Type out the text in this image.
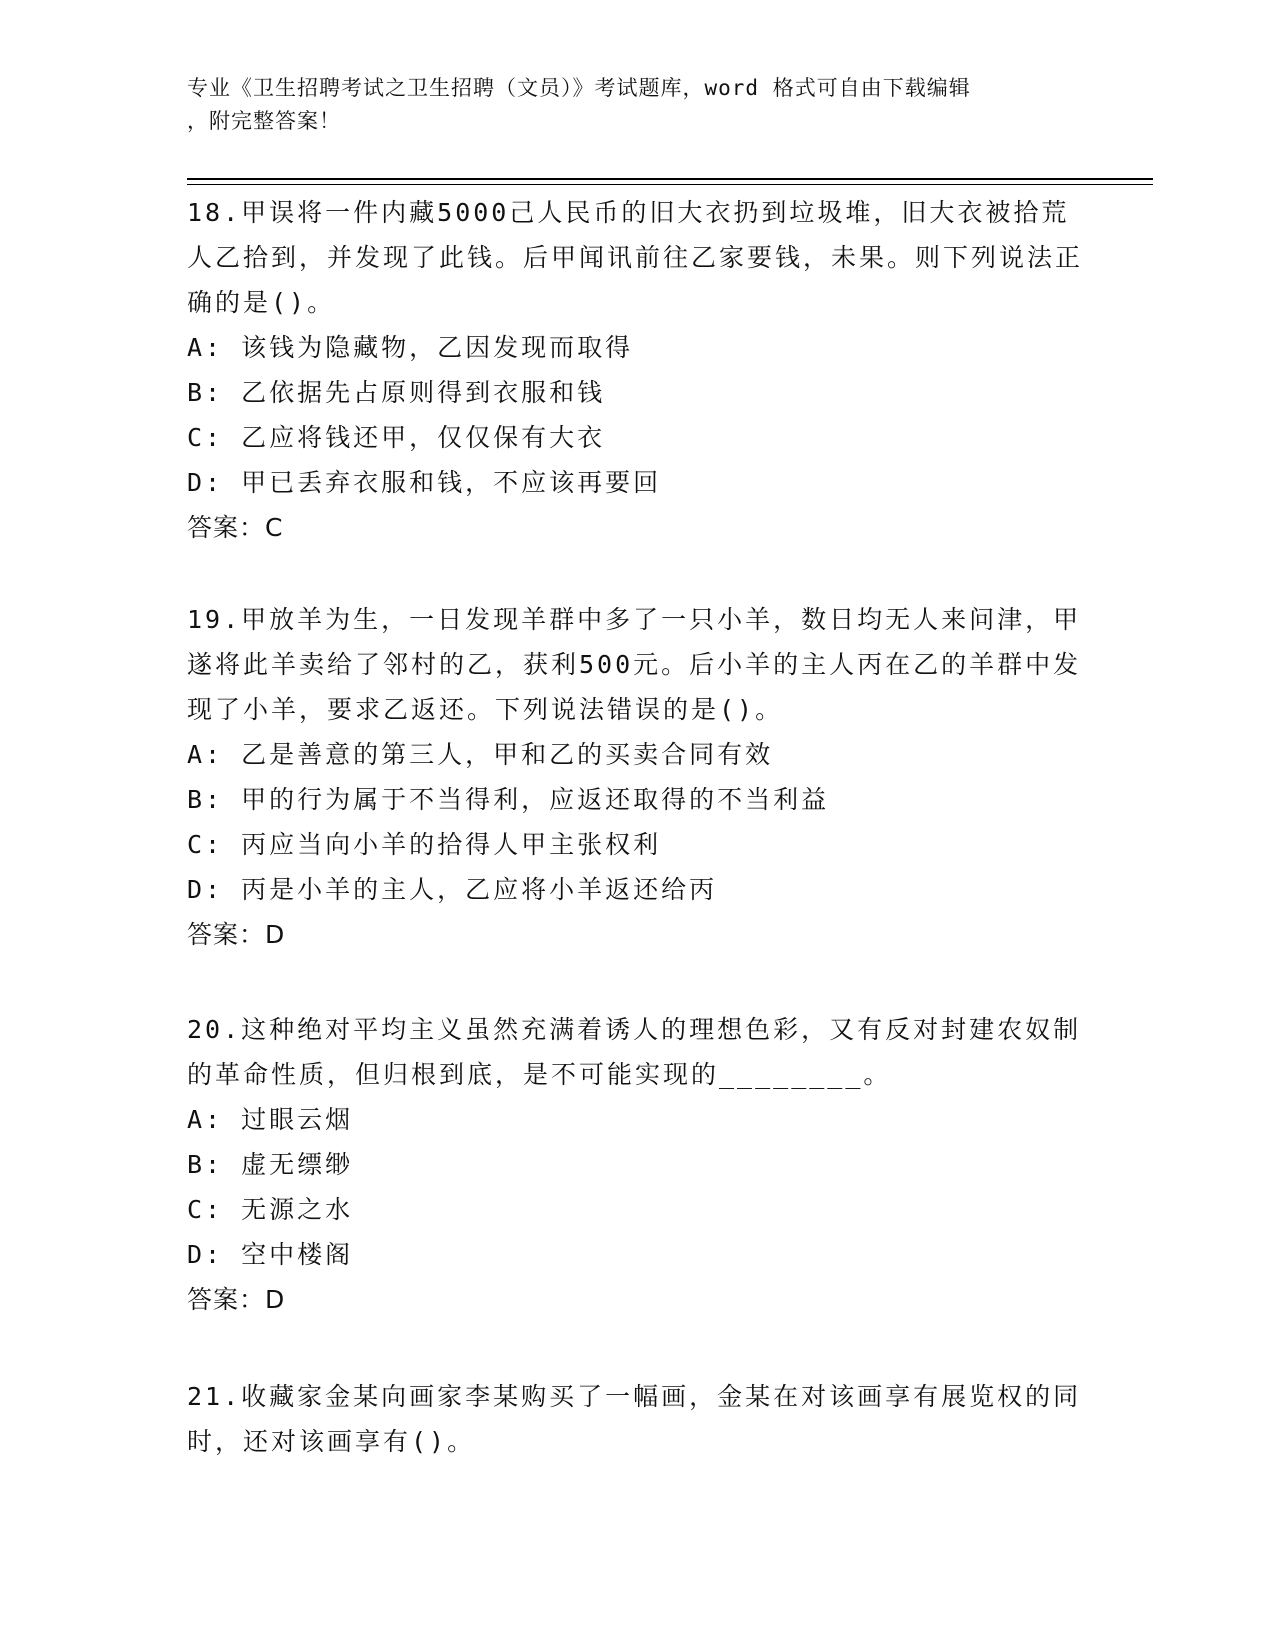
专业《卫生招聘考试之卫生招聘（文员）》考试题库，word 格式可自由下载编辑
，附完整答案！
18.甲误将一件内藏5000己人民币的旧大衣扔到垃圾堆，旧大衣被拾荒人乙拾到，并发现了此钱。后甲闻讯前往乙家要钱，未果。则下列说法正确的是()。
A: 该钱为隐藏物，乙因发现而取得
B: 乙依据先占原则得到衣服和钱
C: 乙应将钱还甲，仅仅保有大衣
D: 甲已丢弃衣服和钱，不应该再要回
答案：C
19.甲放羊为生，一日发现羊群中多了一只小羊，数日均无人来问津，甲遂将此羊卖给了邻村的乙，获利500元。后小羊的主人丙在乙的羊群中发现了小羊，要求乙返还。下列说法错误的是()。
A: 乙是善意的第三人，甲和乙的买卖合同有效
B: 甲的行为属于不当得利，应返还取得的不当利益
C: 丙应当向小羊的拾得人甲主张权利
D: 丙是小羊的主人，乙应将小羊返还给丙
答案：D
20.这种绝对平均主义虽然充满着诱人的理想色彩，又有反对封建农奴制的革命性质，但归根到底，是不可能实现的________。
A: 过眼云烟
B: 虚无缥缈
C: 无源之水
D: 空中楼阁
答案：D
21.收藏家金某向画家李某购买了一幅画，金某在对该画享有展览权的同时，还对该画享有()。
